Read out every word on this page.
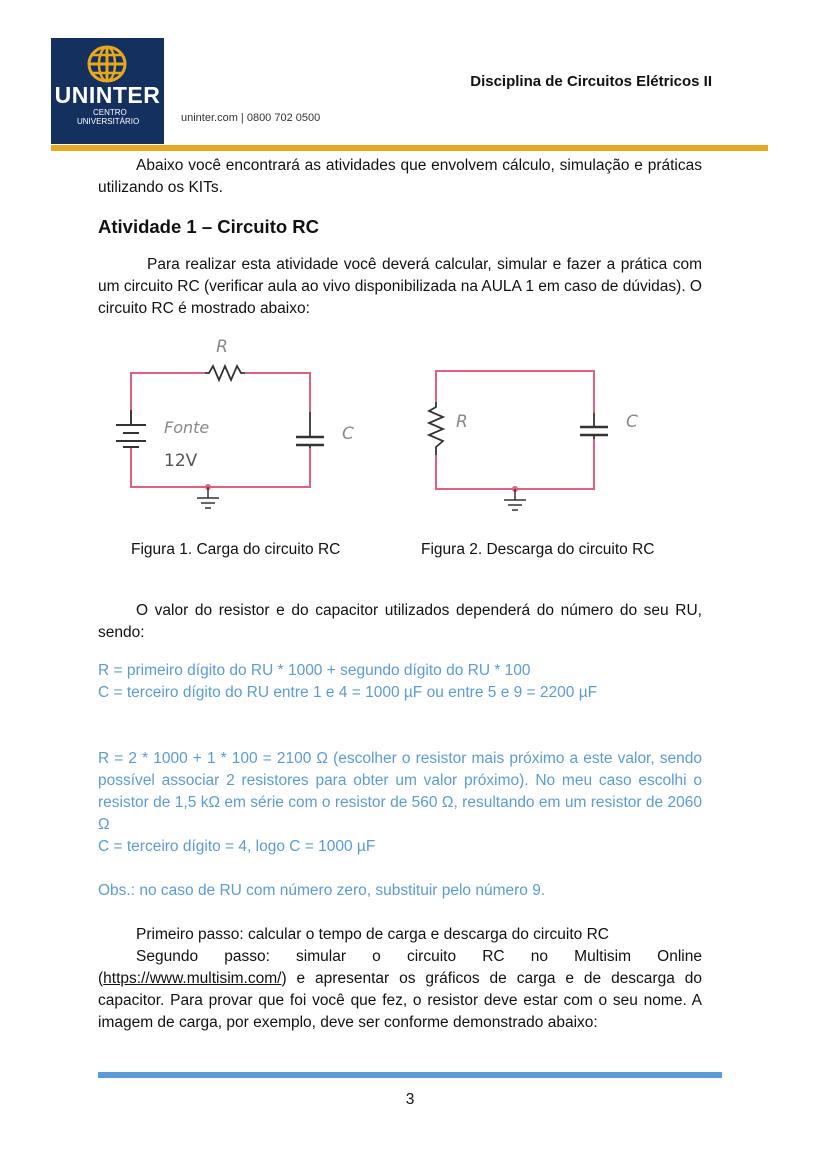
UNINTER
CENTRO
UNIVERSITÁRIO	uninter.com | 0800 702 0500
Disciplina de Circuitos Elétricos II
Abaixo você encontrará as atividades que envolvem cálculo, simulação e práticas utilizando os KITs.
Atividade 1 – Circuito RC
Para realizar esta atividade você deverá calcular, simular e fazer a prática com um circuito RC (verificar aula ao vivo disponibilizada na AULA 1 em caso de dúvidas). O circuito RC é mostrado abaixo:
R
Fonte
12V
C
R	C
Figura 1. Carga do circuito RC	Figura 2. Descarga do circuito RC
O valor do resistor e do capacitor utilizados dependerá do número do seu RU, sendo:
R = primeiro dígito do RU * 1000 + segundo dígito do RU * 100
C = terceiro dígito do RU entre 1 e 4 = 1000 µF ou entre 5 e 9 = 2200 µF
R = 2 * 1000 + 1 * 100 = 2100 Ω (escolher o resistor mais próximo a este valor, sendo possível associar 2 resistores para obter um valor próximo). No meu caso escolhi o resistor de 1,5 kΩ em série com o resistor de 560 Ω, resultando em um resistor de 2060 Ω
C = terceiro dígito = 4, logo C = 1000 µF
Obs.: no caso de RU com número zero, substituir pelo número 9.
Primeiro passo: calcular o tempo de carga e descarga do circuito RC
Segundo passo: simular o circuito RC no Multisim Online (https://www.multisim.com/) e apresentar os gráficos de carga e de descarga do capacitor. Para provar que foi você que fez, o resistor deve estar com o seu nome. A imagem de carga, por exemplo, deve ser conforme demonstrado abaixo:
3
